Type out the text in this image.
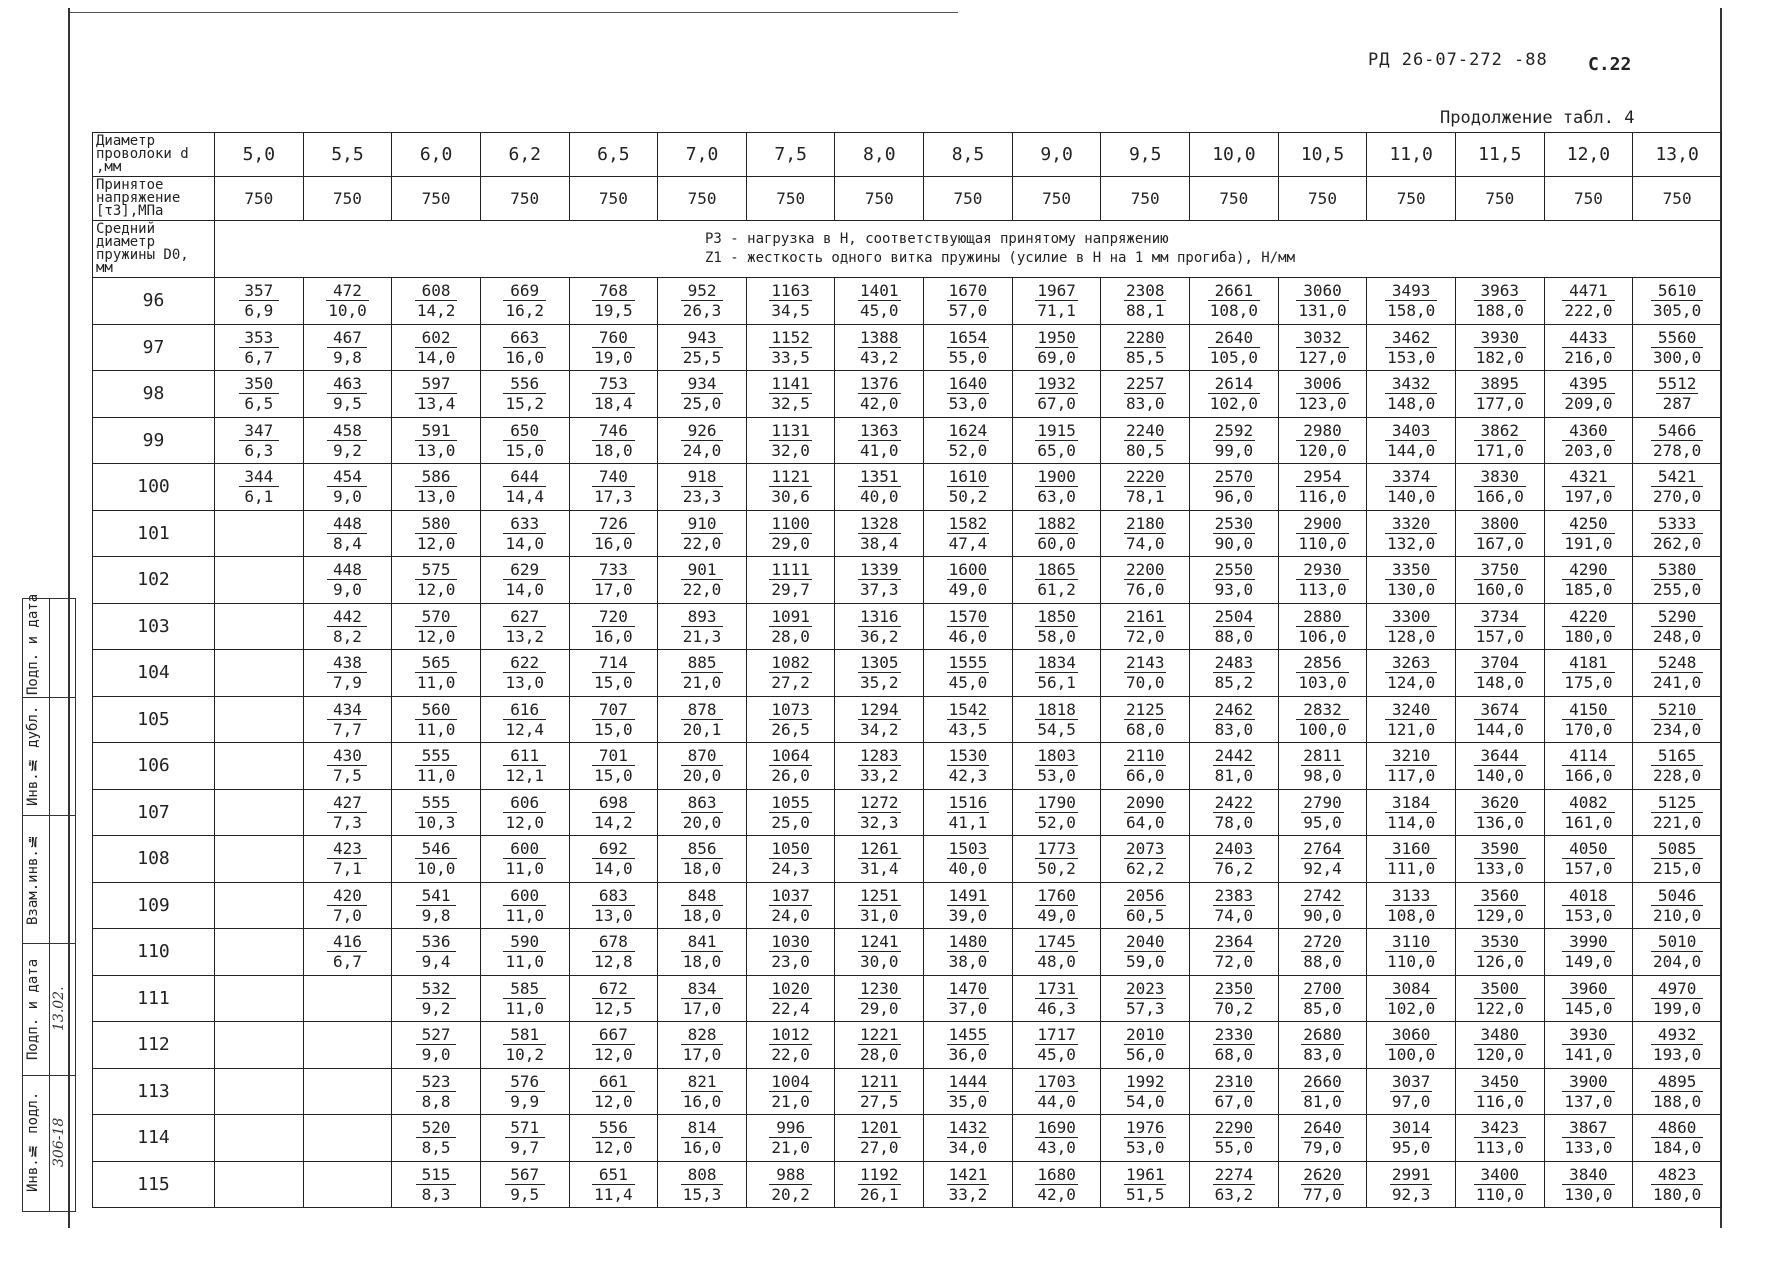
РД 26-07-272 -88 С.22
Продолжение табл. 4
Инв.№ подл.
Подп. и дата
Взам.инв.№
Инв.№ дубл.
Подп. и дата
306-18
13.02.
Диаметр проволоки d ,мм	5,0	5,5	6,0	6,2	6,5	7,0	7,5	8,0	8,5	9,0	9,5	10,0	10,5	11,0	11,5	12,0	13,0
Принятое напряжение [τ3],МПа	750	750	750	750	750	750	750	750	750	750	750	750	750	750	750	750	750
Средний диаметр пружины D0, мм	P3 - нагрузка в Н, соответствующая принятому напряжению
Z1 - жесткость одного витка пружины (усилие в Н на 1 мм прогиба), Н/мм																

96	$\frac{357}{6,9}$	$\frac{472}{10,0}$	$\frac{608}{14,2}$	$\frac{669}{16,2}$	$\frac{768}{19,5}$	$\frac{952}{26,3}$	$\frac{1163}{34,5}$	$\frac{1401}{45,0}$	$\frac{1670}{57,0}$	$\frac{1967}{71,1}$	$\frac{2308}{88,1}$	$\frac{2661}{108,0}$	$\frac{3060}{131,0}$	$\frac{3493}{158,0}$	$\frac{3963}{188,0}$	$\frac{4471}{222,0}$	$\frac{5610}{305,0}$

97	$\frac{353}{6,7}$	$\frac{467}{9,8}$	$\frac{602}{14,0}$	$\frac{663}{16,0}$	$\frac{760}{19,0}$	$\frac{943}{25,5}$	$\frac{1152}{33,5}$	$\frac{1388}{43,2}$	$\frac{1654}{55,0}$	$\frac{1950}{69,0}$	$\frac{2280}{85,5}$	$\frac{2640}{105,0}$	$\frac{3032}{127,0}$	$\frac{3462}{153,0}$	$\frac{3930}{182,0}$	$\frac{4433}{216,0}$	$\frac{5560}{300,0}$

98	$\frac{350}{6,5}$	$\frac{463}{9,5}$	$\frac{597}{13,4}$	$\frac{556}{15,2}$	$\frac{753}{18,4}$	$\frac{934}{25,0}$	$\frac{1141}{32,5}$	$\frac{1376}{42,0}$	$\frac{1640}{53,0}$	$\frac{1932}{67,0}$	$\frac{2257}{83,0}$	$\frac{2614}{102,0}$	$\frac{3006}{123,0}$	$\frac{3432}{148,0}$	$\frac{3895}{177,0}$	$\frac{4395}{209,0}$	$\frac{5512}{287}$

99	$\frac{347}{6,3}$	$\frac{458}{9,2}$	$\frac{591}{13,0}$	$\frac{650}{15,0}$	$\frac{746}{18,0}$	$\frac{926}{24,0}$	$\frac{1131}{32,0}$	$\frac{1363}{41,0}$	$\frac{1624}{52,0}$	$\frac{1915}{65,0}$	$\frac{2240}{80,5}$	$\frac{2592}{99,0}$	$\frac{2980}{120,0}$	$\frac{3403}{144,0}$	$\frac{3862}{171,0}$	$\frac{4360}{203,0}$	$\frac{5466}{278,0}$

100	$\frac{344}{6,1}$	$\frac{454}{9,0}$	$\frac{586}{13,0}$	$\frac{644}{14,4}$	$\frac{740}{17,3}$	$\frac{918}{23,3}$	$\frac{1121}{30,6}$	$\frac{1351}{40,0}$	$\frac{1610}{50,2}$	$\frac{1900}{63,0}$	$\frac{2220}{78,1}$	$\frac{2570}{96,0}$	$\frac{2954}{116,0}$	$\frac{3374}{140,0}$	$\frac{3830}{166,0}$	$\frac{4321}{197,0}$	$\frac{5421}{270,0}$

101		$\frac{448}{8,4}$	$\frac{580}{12,0}$	$\frac{633}{14,0}$	$\frac{726}{16,0}$	$\frac{910}{22,0}$	$\frac{1100}{29,0}$	$\frac{1328}{38,4}$	$\frac{1582}{47,4}$	$\frac{1882}{60,0}$	$\frac{2180}{74,0}$	$\frac{2530}{90,0}$	$\frac{2900}{110,0}$	$\frac{3320}{132,0}$	$\frac{3800}{167,0}$	$\frac{4250}{191,0}$	$\frac{5333}{262,0}$

102		$\frac{448}{9,0}$	$\frac{575}{12,0}$	$\frac{629}{14,0}$	$\frac{733}{17,0}$	$\frac{901}{22,0}$	$\frac{1111}{29,7}$	$\frac{1339}{37,3}$	$\frac{1600}{49,0}$	$\frac{1865}{61,2}$	$\frac{2200}{76,0}$	$\frac{2550}{93,0}$	$\frac{2930}{113,0}$	$\frac{3350}{130,0}$	$\frac{3750}{160,0}$	$\frac{4290}{185,0}$	$\frac{5380}{255,0}$

103		$\frac{442}{8,2}$	$\frac{570}{12,0}$	$\frac{627}{13,2}$	$\frac{720}{16,0}$	$\frac{893}{21,3}$	$\frac{1091}{28,0}$	$\frac{1316}{36,2}$	$\frac{1570}{46,0}$	$\frac{1850}{58,0}$	$\frac{2161}{72,0}$	$\frac{2504}{88,0}$	$\frac{2880}{106,0}$	$\frac{3300}{128,0}$	$\frac{3734}{157,0}$	$\frac{4220}{180,0}$	$\frac{5290}{248,0}$

104		$\frac{438}{7,9}$	$\frac{565}{11,0}$	$\frac{622}{13,0}$	$\frac{714}{15,0}$	$\frac{885}{21,0}$	$\frac{1082}{27,2}$	$\frac{1305}{35,2}$	$\frac{1555}{45,0}$	$\frac{1834}{56,1}$	$\frac{2143}{70,0}$	$\frac{2483}{85,2}$	$\frac{2856}{103,0}$	$\frac{3263}{124,0}$	$\frac{3704}{148,0}$	$\frac{4181}{175,0}$	$\frac{5248}{241,0}$

105		$\frac{434}{7,7}$	$\frac{560}{11,0}$	$\frac{616}{12,4}$	$\frac{707}{15,0}$	$\frac{878}{20,1}$	$\frac{1073}{26,5}$	$\frac{1294}{34,2}$	$\frac{1542}{43,5}$	$\frac{1818}{54,5}$	$\frac{2125}{68,0}$	$\frac{2462}{83,0}$	$\frac{2832}{100,0}$	$\frac{3240}{121,0}$	$\frac{3674}{144,0}$	$\frac{4150}{170,0}$	$\frac{5210}{234,0}$

106		$\frac{430}{7,5}$	$\frac{555}{11,0}$	$\frac{611}{12,1}$	$\frac{701}{15,0}$	$\frac{870}{20,0}$	$\frac{1064}{26,0}$	$\frac{1283}{33,2}$	$\frac{1530}{42,3}$	$\frac{1803}{53,0}$	$\frac{2110}{66,0}$	$\frac{2442}{81,0}$	$\frac{2811}{98,0}$	$\frac{3210}{117,0}$	$\frac{3644}{140,0}$	$\frac{4114}{166,0}$	$\frac{5165}{228,0}$

107		$\frac{427}{7,3}$	$\frac{555}{10,3}$	$\frac{606}{12,0}$	$\frac{698}{14,2}$	$\frac{863}{20,0}$	$\frac{1055}{25,0}$	$\frac{1272}{32,3}$	$\frac{1516}{41,1}$	$\frac{1790}{52,0}$	$\frac{2090}{64,0}$	$\frac{2422}{78,0}$	$\frac{2790}{95,0}$	$\frac{3184}{114,0}$	$\frac{3620}{136,0}$	$\frac{4082}{161,0}$	$\frac{5125}{221,0}$

108		$\frac{423}{7,1}$	$\frac{546}{10,0}$	$\frac{600}{11,0}$	$\frac{692}{14,0}$	$\frac{856}{18,0}$	$\frac{1050}{24,3}$	$\frac{1261}{31,4}$	$\frac{1503}{40,0}$	$\frac{1773}{50,2}$	$\frac{2073}{62,2}$	$\frac{2403}{76,2}$	$\frac{2764}{92,4}$	$\frac{3160}{111,0}$	$\frac{3590}{133,0}$	$\frac{4050}{157,0}$	$\frac{5085}{215,0}$

109		$\frac{420}{7,0}$	$\frac{541}{9,8}$	$\frac{600}{11,0}$	$\frac{683}{13,0}$	$\frac{848}{18,0}$	$\frac{1037}{24,0}$	$\frac{1251}{31,0}$	$\frac{1491}{39,0}$	$\frac{1760}{49,0}$	$\frac{2056}{60,5}$	$\frac{2383}{74,0}$	$\frac{2742}{90,0}$	$\frac{3133}{108,0}$	$\frac{3560}{129,0}$	$\frac{4018}{153,0}$	$\frac{5046}{210,0}$

110		$\frac{416}{6,7}$	$\frac{536}{9,4}$	$\frac{590}{11,0}$	$\frac{678}{12,8}$	$\frac{841}{18,0}$	$\frac{1030}{23,0}$	$\frac{1241}{30,0}$	$\frac{1480}{38,0}$	$\frac{1745}{48,0}$	$\frac{2040}{59,0}$	$\frac{2364}{72,0}$	$\frac{2720}{88,0}$	$\frac{3110}{110,0}$	$\frac{3530}{126,0}$	$\frac{3990}{149,0}$	$\frac{5010}{204,0}$

111			$\frac{532}{9,2}$	$\frac{585}{11,0}$	$\frac{672}{12,5}$	$\frac{834}{17,0}$	$\frac{1020}{22,4}$	$\frac{1230}{29,0}$	$\frac{1470}{37,0}$	$\frac{1731}{46,3}$	$\frac{2023}{57,3}$	$\frac{2350}{70,2}$	$\frac{2700}{85,0}$	$\frac{3084}{102,0}$	$\frac{3500}{122,0}$	$\frac{3960}{145,0}$	$\frac{4970}{199,0}$

112			$\frac{527}{9,0}$	$\frac{581}{10,2}$	$\frac{667}{12,0}$	$\frac{828}{17,0}$	$\frac{1012}{22,0}$	$\frac{1221}{28,0}$	$\frac{1455}{36,0}$	$\frac{1717}{45,0}$	$\frac{2010}{56,0}$	$\frac{2330}{68,0}$	$\frac{2680}{83,0}$	$\frac{3060}{100,0}$	$\frac{3480}{120,0}$	$\frac{3930}{141,0}$	$\frac{4932}{193,0}$

113			$\frac{523}{8,8}$	$\frac{576}{9,9}$	$\frac{661}{12,0}$	$\frac{821}{16,0}$	$\frac{1004}{21,0}$	$\frac{1211}{27,5}$	$\frac{1444}{35,0}$	$\frac{1703}{44,0}$	$\frac{1992}{54,0}$	$\frac{2310}{67,0}$	$\frac{2660}{81,0}$	$\frac{3037}{97,0}$	$\frac{3450}{116,0}$	$\frac{3900}{137,0}$	$\frac{4895}{188,0}$

114			$\frac{520}{8,5}$	$\frac{571}{9,7}$	$\frac{556}{12,0}$	$\frac{814}{16,0}$	$\frac{996}{21,0}$	$\frac{1201}{27,0}$	$\frac{1432}{34,0}$	$\frac{1690}{43,0}$	$\frac{1976}{53,0}$	$\frac{2290}{55,0}$	$\frac{2640}{79,0}$	$\frac{3014}{95,0}$	$\frac{3423}{113,0}$	$\frac{3867}{133,0}$	$\frac{4860}{184,0}$

115			$\frac{515}{8,3}$	$\frac{567}{9,5}$	$\frac{651}{11,4}$	$\frac{808}{15,3}$	$\frac{988}{20,2}$	$\frac{1192}{26,1}$	$\frac{1421}{33,2}$	$\frac{1680}{42,0}$	$\frac{1961}{51,5}$	$\frac{2274}{63,2}$	$\frac{2620}{77,0}$	$\frac{2991}{92,3}$	$\frac{3400}{110,0}$	$\frac{3840}{130,0}$	$\frac{4823}{180,0}$
